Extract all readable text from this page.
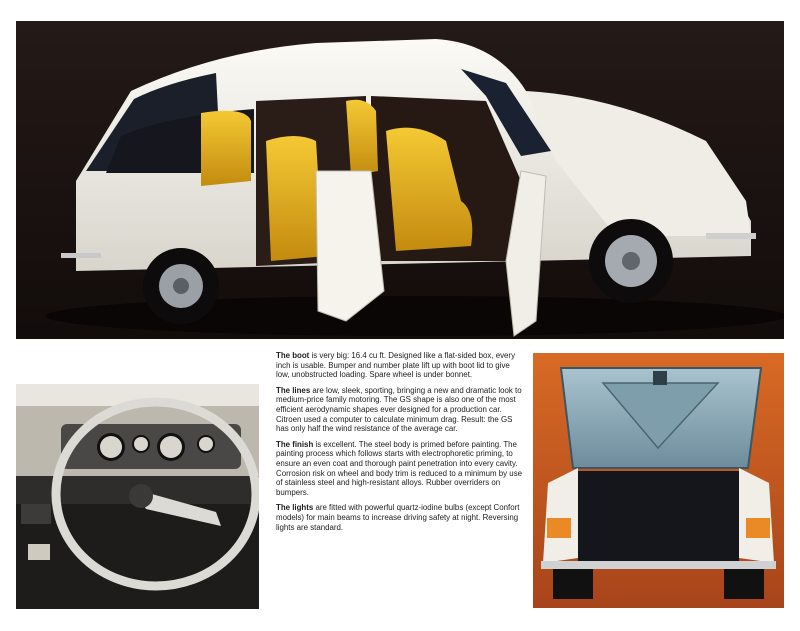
The boot is very big: 16.4 cu ft. Designed like a flat-sided box, every inch is usable. Bumper and number plate lift up with boot lid to give low, unobstructed loading. Spare wheel is under bonnet.

The lines are low, sleek, sporting, bringing a new and dramatic look to medium-price family motoring. The GS shape is also one of the most efficient aerodynamic shapes ever designed for a production car. Citroen used a computer to calculate minimum drag. Result: the GS has only half the wind resistance of the average car.

The finish is excellent. The steel body is primed before painting. The painting process which follows starts with electrophoretic priming, to ensure an even coat and thorough paint penetration into every cavity. Corrosion risk on wheel and body trim is reduced to a minimum by use of stainless steel and high-resistant alloys. Rubber overriders on bumpers.

The lights are fitted with powerful quartz-iodine bulbs (except Confort models) for main beams to increase driving safety at night. Reversing lights are standard.
